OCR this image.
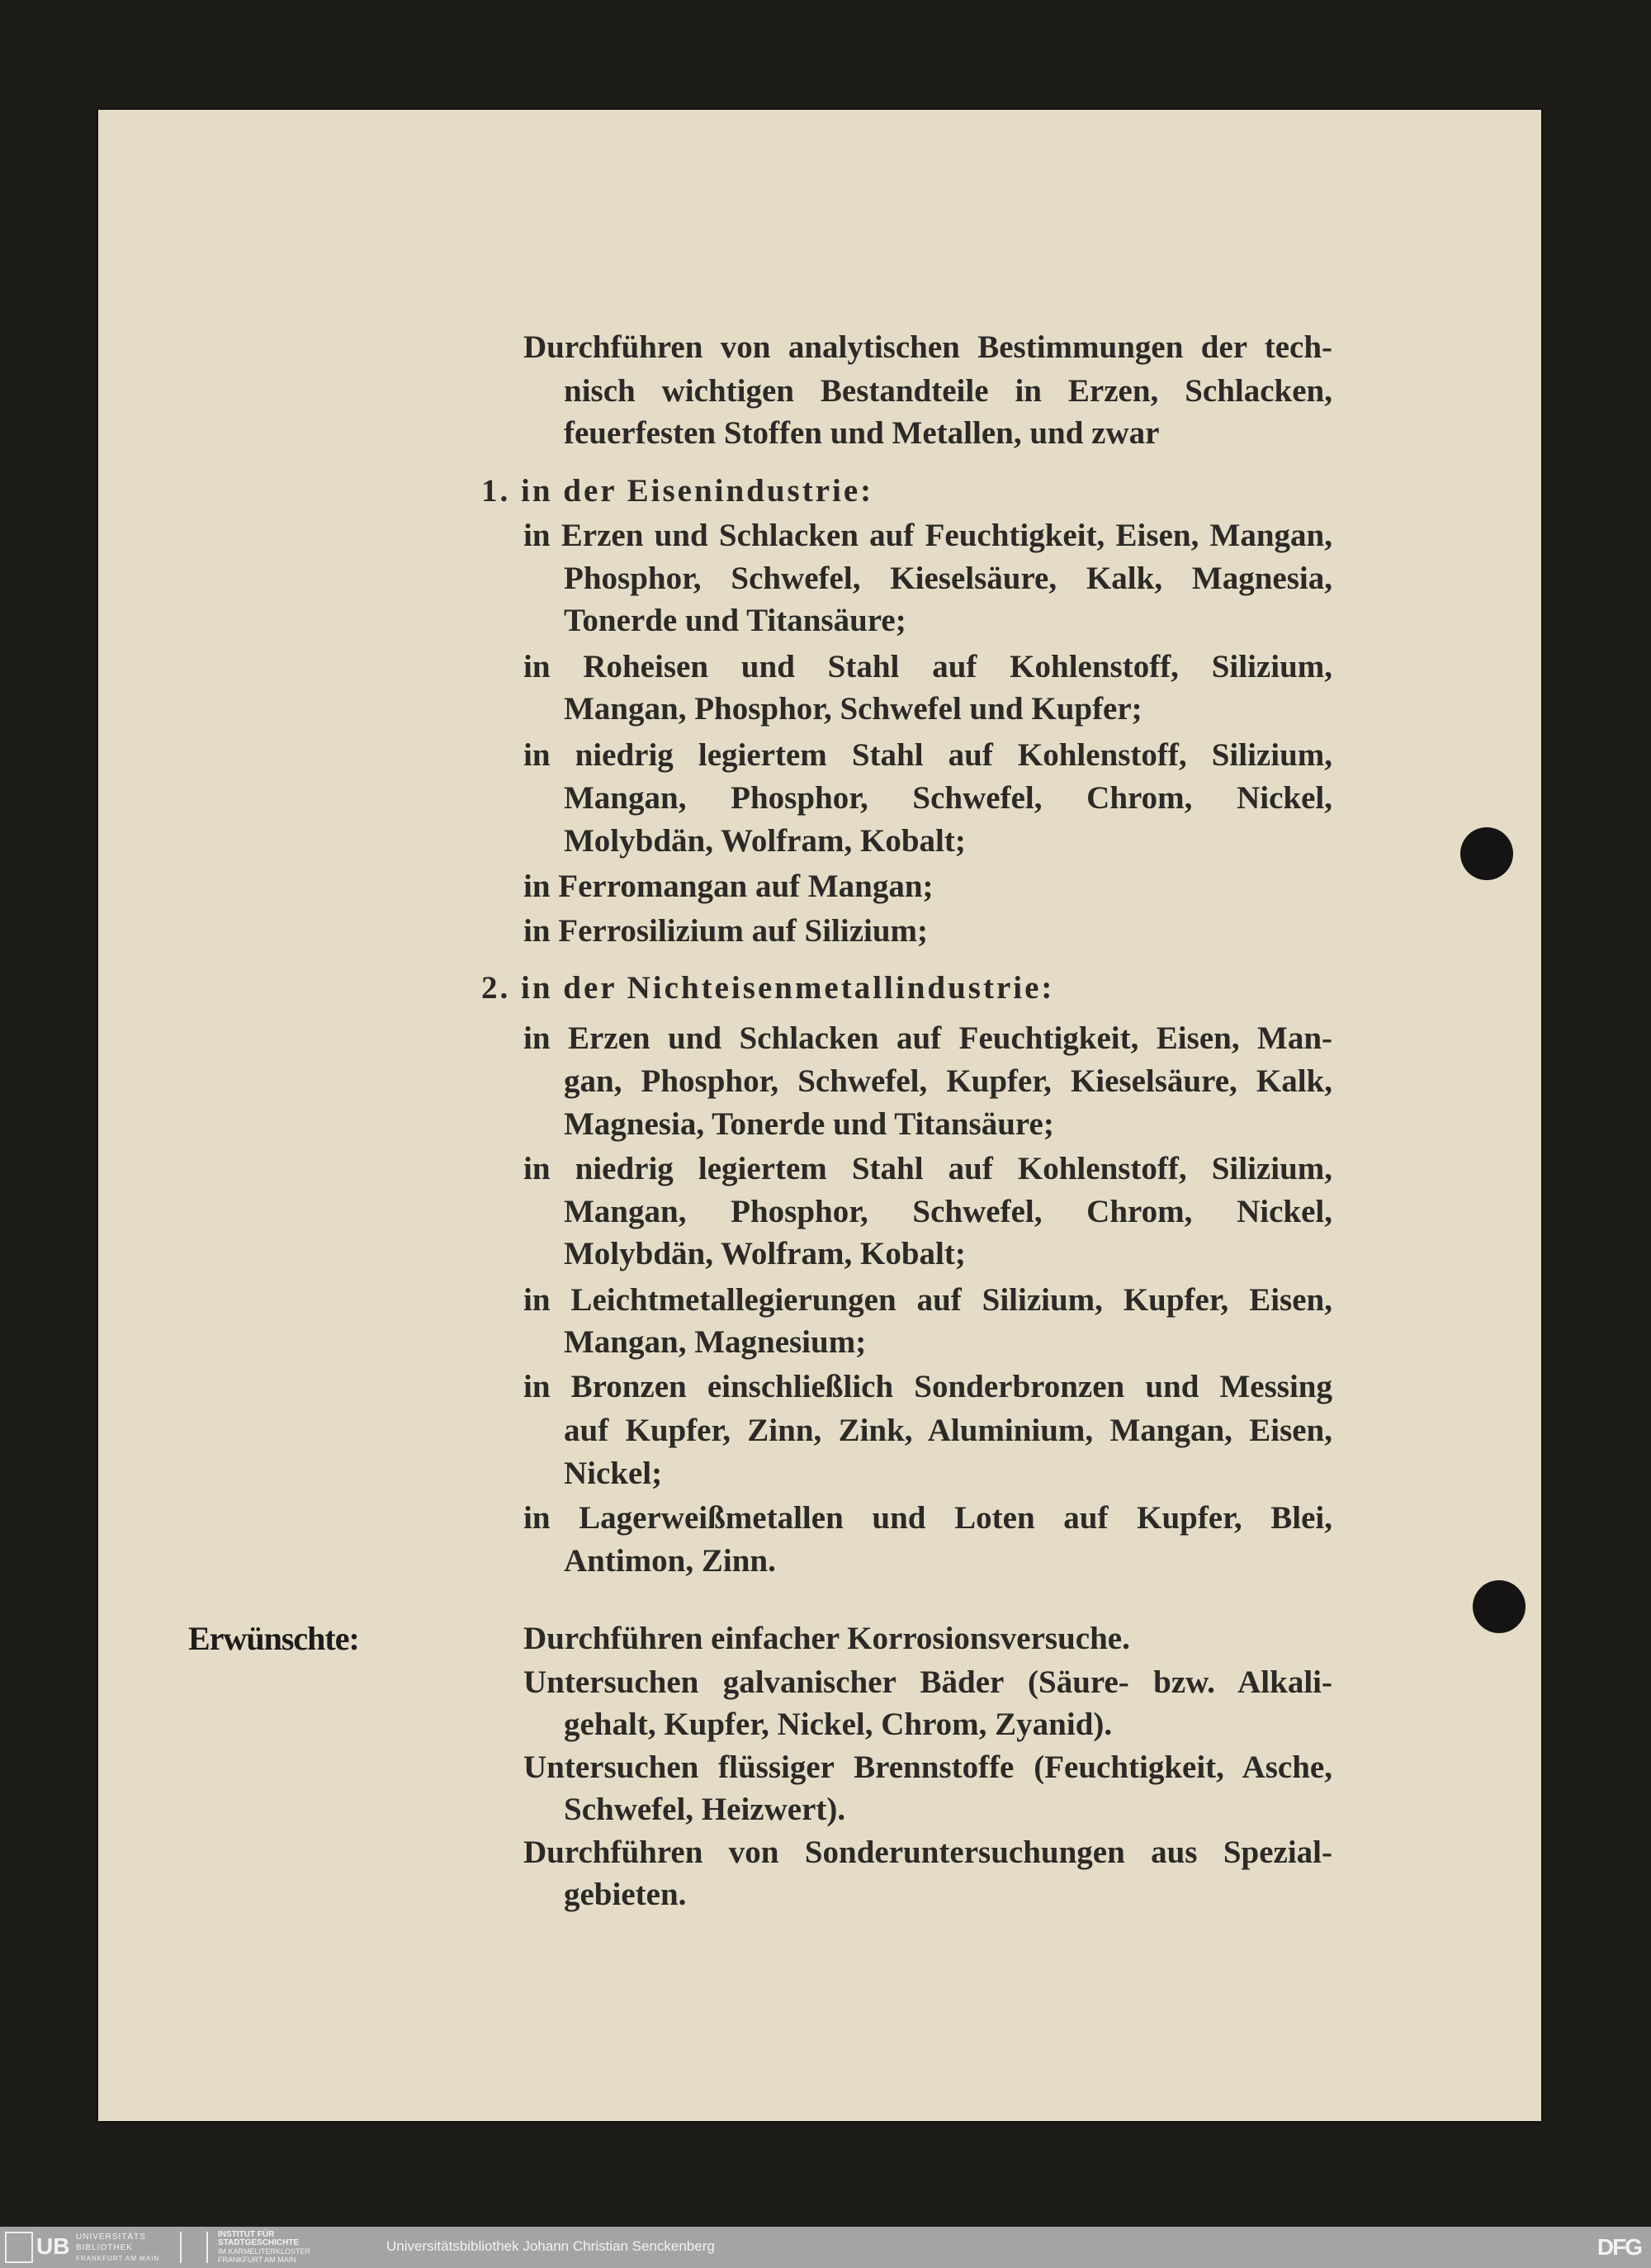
Durchführen von analytischen Bestimmungen der tech-
nisch wichtigen Bestandteile in Erzen, Schlacken,
feuerfesten Stoffen und Metallen, und zwar
1. in der Eisenindustrie:
in Erzen und Schlacken auf Feuchtigkeit, Eisen, Mangan,
Phosphor, Schwefel, Kieselsäure, Kalk, Magnesia,
Tonerde und Titansäure;
in Roheisen und Stahl auf Kohlenstoff, Silizium,
Mangan, Phosphor, Schwefel und Kupfer;
in niedrig legiertem Stahl auf Kohlenstoff, Silizium,
Mangan, Phosphor, Schwefel, Chrom, Nickel,
Molybdän, Wolfram, Kobalt;
in Ferromangan auf Mangan;
in Ferrosilizium auf Silizium;
2. in der Nichteisenmetallindustrie:
in Erzen und Schlacken auf Feuchtigkeit, Eisen, Man-
gan, Phosphor, Schwefel, Kupfer, Kieselsäure, Kalk,
Magnesia, Tonerde und Titansäure;
in niedrig legiertem Stahl auf Kohlenstoff, Silizium,
Mangan, Phosphor, Schwefel, Chrom, Nickel,
Molybdän, Wolfram, Kobalt;
in Leichtmetallegierungen auf Silizium, Kupfer, Eisen,
Mangan, Magnesium;
in Bronzen einschließlich Sonderbronzen und Messing
auf Kupfer, Zinn, Zink, Aluminium, Mangan, Eisen,
Nickel;
in Lagerweißmetallen und Loten auf Kupfer, Blei,
Antimon, Zinn.
Erwünschte:	Durchführen einfacher Korrosionsversuche.
Untersuchen galvanischer Bäder (Säure- bzw. Alkali-
gehalt, Kupfer, Nickel, Chrom, Zyanid).
Untersuchen flüssiger Brennstoffe (Feuchtigkeit, Asche,
Schwefel, Heizwert).
Durchführen von Sonderuntersuchungen aus Spezial-
gebieten.
UB UNIVERSITÄTS
BIBLIOTHEK
FRANKFURT AM MAIN
INSTITUT FÜR
STADTGESCHICHTE
IM KARMELITERKLOSTER
FRANKFURT AM MAIN
Universitätsbibliothek Johann Christian Senckenberg	DFG
